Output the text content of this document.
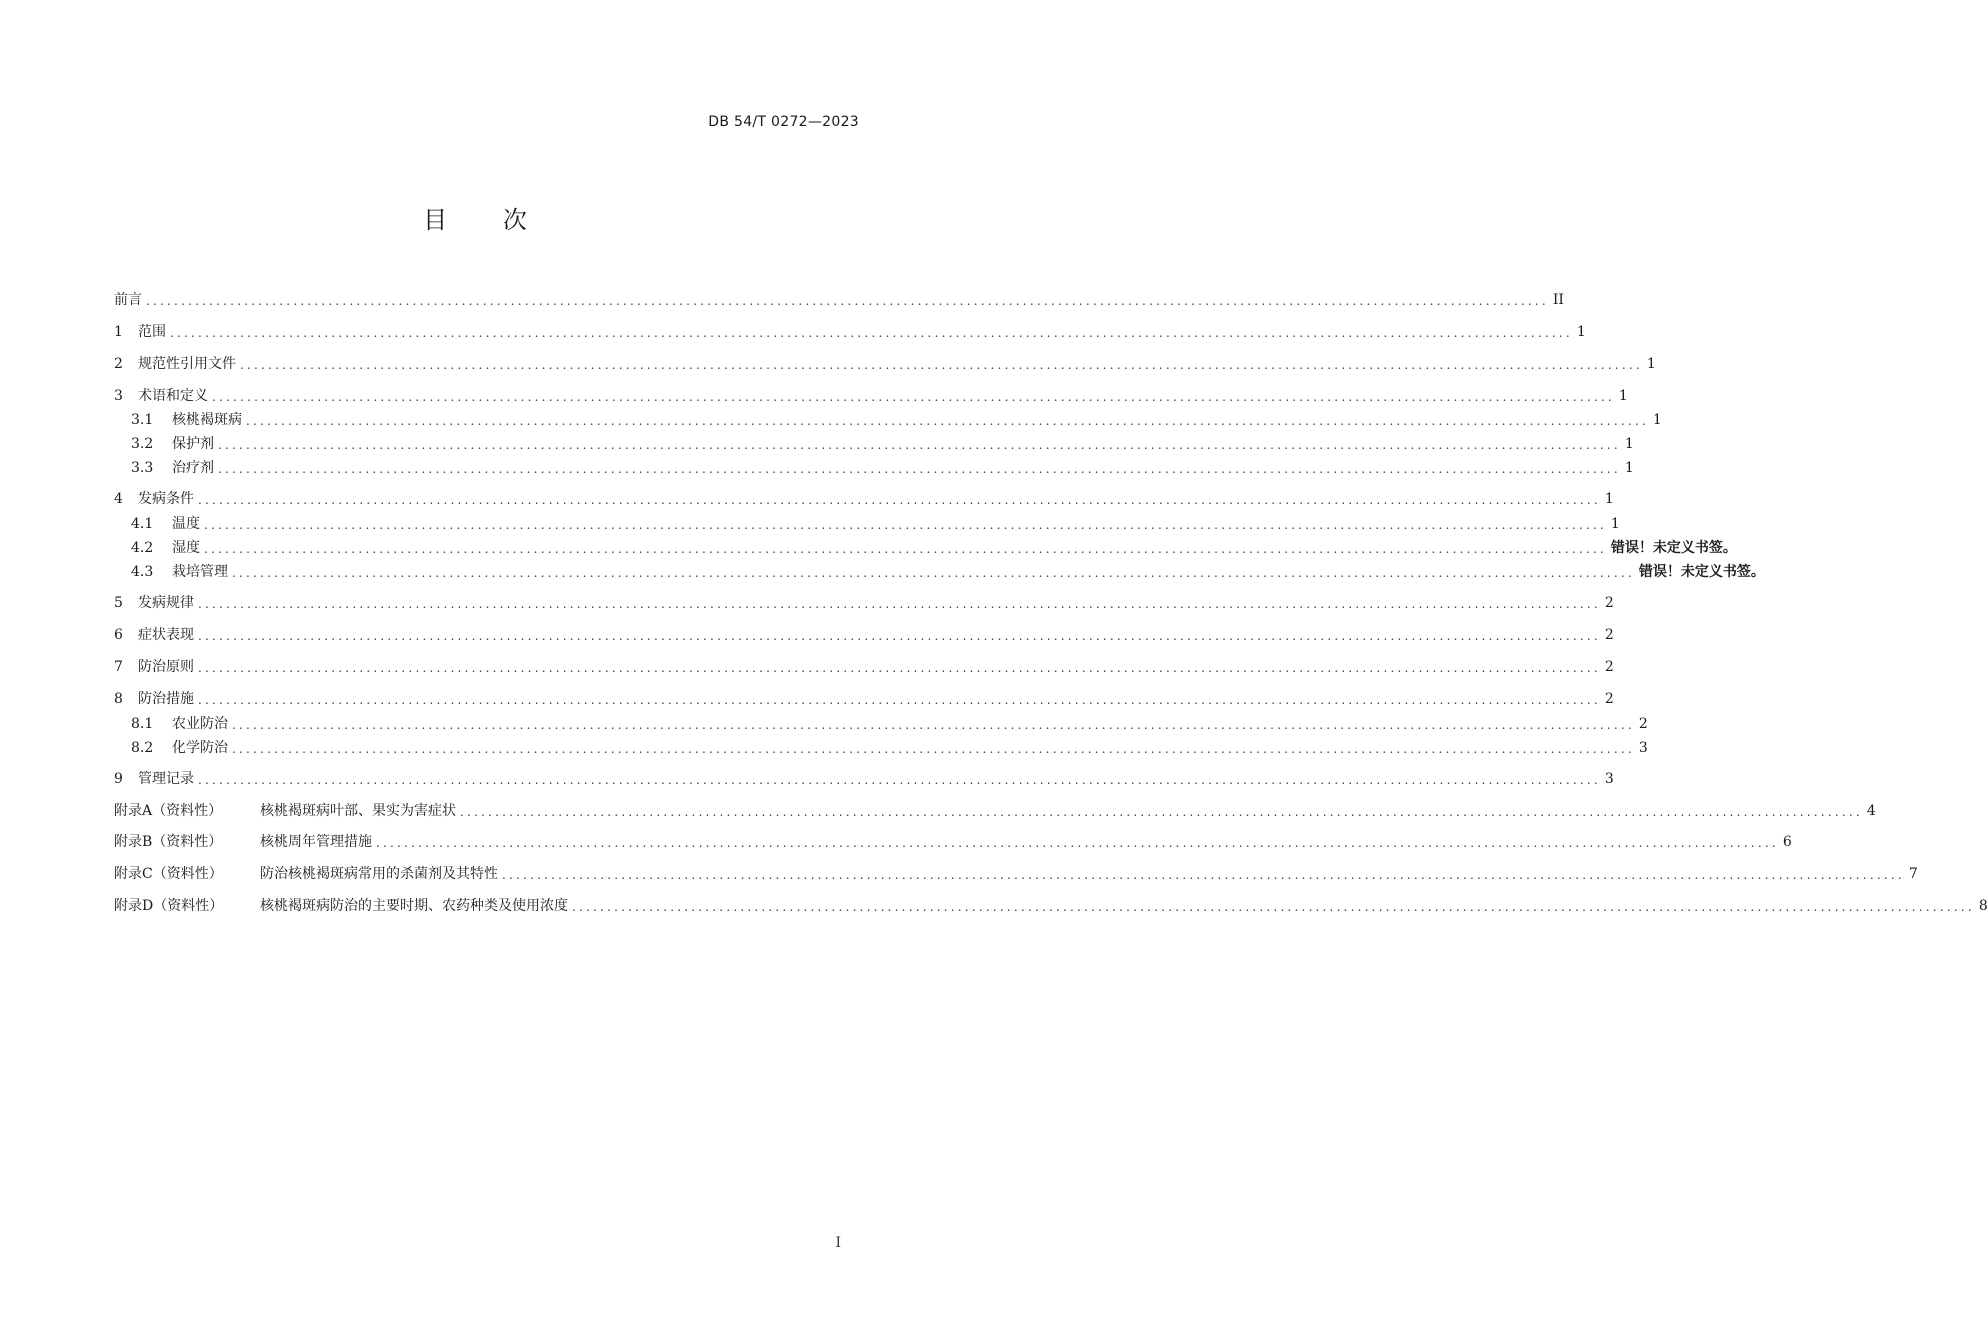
DB 54/T 0272—2023
目 次
前言 ........................................................................................................................................................................................................ II
1	范围 ........................................................................................................................................................................................................ 1
2	规范性引用文件 ........................................................................................................................................................................................................ 1
3	术语和定义 ........................................................................................................................................................................................................ 1
3.1	核桃褐斑病 ........................................................................................................................................................................................................ 1
3.2	保护剂 ........................................................................................................................................................................................................ 1
3.3	治疗剂 ........................................................................................................................................................................................................ 1
4	发病条件 ........................................................................................................................................................................................................ 1
4.1	温度 ........................................................................................................................................................................................................ 1
4.2	湿度 ........................................................................................................................................................................................................ 错误！未定义书签。
4.3	栽培管理 ........................................................................................................................................................................................................ 错误！未定义书签。
5	发病规律 ........................................................................................................................................................................................................ 2
6	症状表现 ........................................................................................................................................................................................................ 2
7	防治原则 ........................................................................................................................................................................................................ 2
8	防治措施 ........................................................................................................................................................................................................ 2
8.1	农业防治 ........................................................................................................................................................................................................ 2
8.2	化学防治 ........................................................................................................................................................................................................ 3
9	管理记录 ........................................................................................................................................................................................................ 3
附录A（资料性）	核桃褐斑病叶部、果实为害症状 ........................................................................................................................................................................................................ 4
附录B（资料性）	核桃周年管理措施 ........................................................................................................................................................................................................ 6
附录C（资料性）	防治核桃褐斑病常用的杀菌剂及其特性 ........................................................................................................................................................................................................ 7
附录D（资料性）	核桃褐斑病防治的主要时期、农药种类及使用浓度 ........................................................................................................................................................................................................ 8
I
